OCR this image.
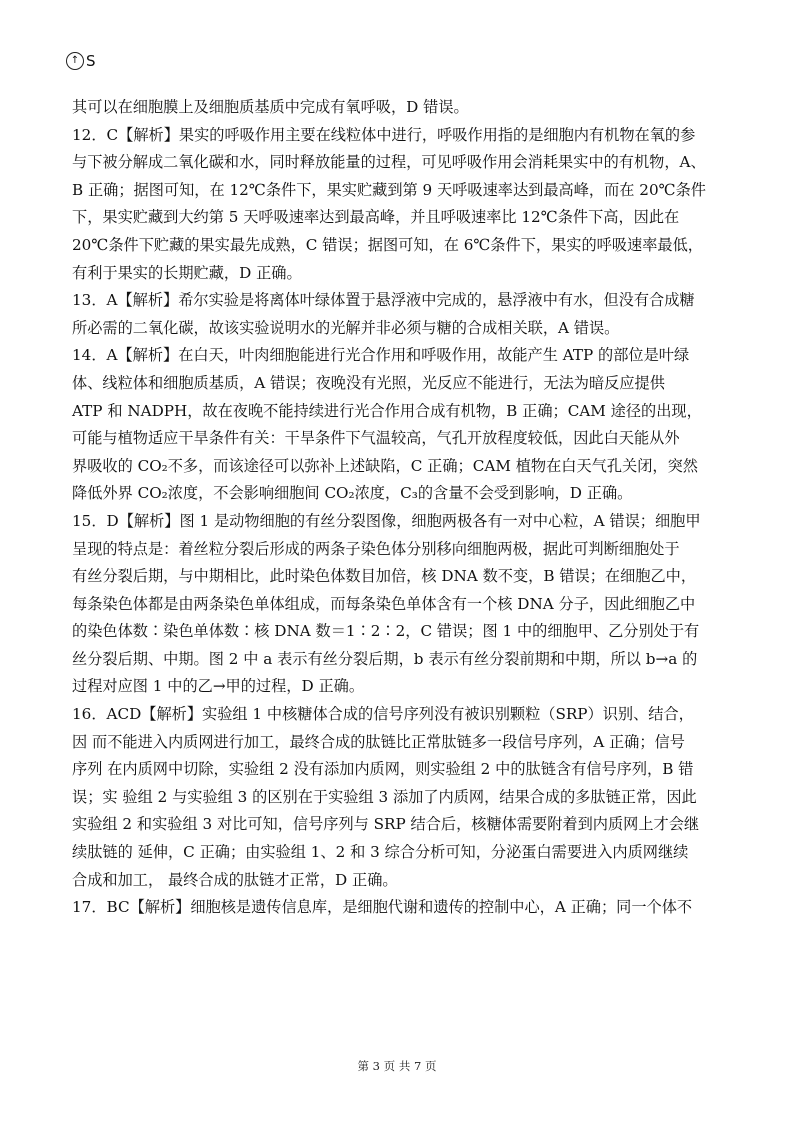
↑ S
其可以在细胞膜上及细胞质基质中完成有氧呼吸，D 错误。
12．C【解析】果实的呼吸作用主要在线粒体中进行，呼吸作用指的是细胞内有机物在氧的参
与下被分解成二氧化碳和水，同时释放能量的过程，可见呼吸作用会消耗果实中的有机物，A、
B 正确；据图可知，在 12℃条件下，果实贮藏到第 9 天呼吸速率达到最高峰，而在 20℃条件
下，果实贮藏到大约第 5 天呼吸速率达到最高峰，并且呼吸速率比 12℃条件下高，因此在
20℃条件下贮藏的果实最先成熟，C 错误；据图可知，在 6℃条件下，果实的呼吸速率最低，
有利于果实的长期贮藏，D 正确。
13．A【解析】希尔实验是将离体叶绿体置于悬浮液中完成的，悬浮液中有水，但没有合成糖
所必需的二氧化碳，故该实验说明水的光解并非必须与糖的合成相关联，A 错误。
14．A【解析】在白天，叶肉细胞能进行光合作用和呼吸作用，故能产生 ATP 的部位是叶绿
体、线粒体和细胞质基质，A 错误；夜晚没有光照，光反应不能进行，无法为暗反应提供
ATP 和 NADPH，故在夜晚不能持续进行光合作用合成有机物，B 正确；CAM 途径的出现，
可能与植物适应干旱条件有关：干旱条件下气温较高，气孔开放程度较低，因此白天能从外
界吸收的 CO₂不多，而该途径可以弥补上述缺陷，C 正确；CAM 植物在白天气孔关闭，突然
降低外界 CO₂浓度，不会影响细胞间 CO₂浓度，C₃的含量不会受到影响，D 正确。
15．D【解析】图 1 是动物细胞的有丝分裂图像，细胞两极各有一对中心粒，A 错误；细胞甲
呈现的特点是：着丝粒分裂后形成的两条子染色体分别移向细胞两极，据此可判断细胞处于
有丝分裂后期，与中期相比，此时染色体数目加倍，核 DNA 数不变，B 错误；在细胞乙中，
每条染色体都是由两条染色单体组成，而每条染色单体含有一个核 DNA 分子，因此细胞乙中
的染色体数∶染色单体数∶核 DNA 数＝1∶2∶2，C 错误；图 1 中的细胞甲、乙分别处于有
丝分裂后期、中期。图 2 中 a 表示有丝分裂后期，b 表示有丝分裂前期和中期，所以 b→a 的
过程对应图 1 中的乙→甲的过程，D 正确。
16．ACD【解析】实验组 1 中核糖体合成的信号序列没有被识别颗粒（SRP）识别、结合，
因 而不能进入内质网进行加工，最终合成的肽链比正常肽链多一段信号序列，A 正确；信号
序列 在内质网中切除，实验组 2 没有添加内质网，则实验组 2 中的肽链含有信号序列，B 错
误；实 验组 2 与实验组 3 的区别在于实验组 3 添加了内质网，结果合成的多肽链正常，因此
实验组 2 和实验组 3 对比可知，信号序列与 SRP 结合后，核糖体需要附着到内质网上才会继
续肽链的 延伸，C 正确；由实验组 1、2 和 3 综合分析可知，分泌蛋白需要进入内质网继续
合成和加工， 最终合成的肽链才正常，D 正确。
17．BC【解析】细胞核是遗传信息库，是细胞代谢和遗传的控制中心，A 正确；同一个体不
第 3 页 共 7 页
